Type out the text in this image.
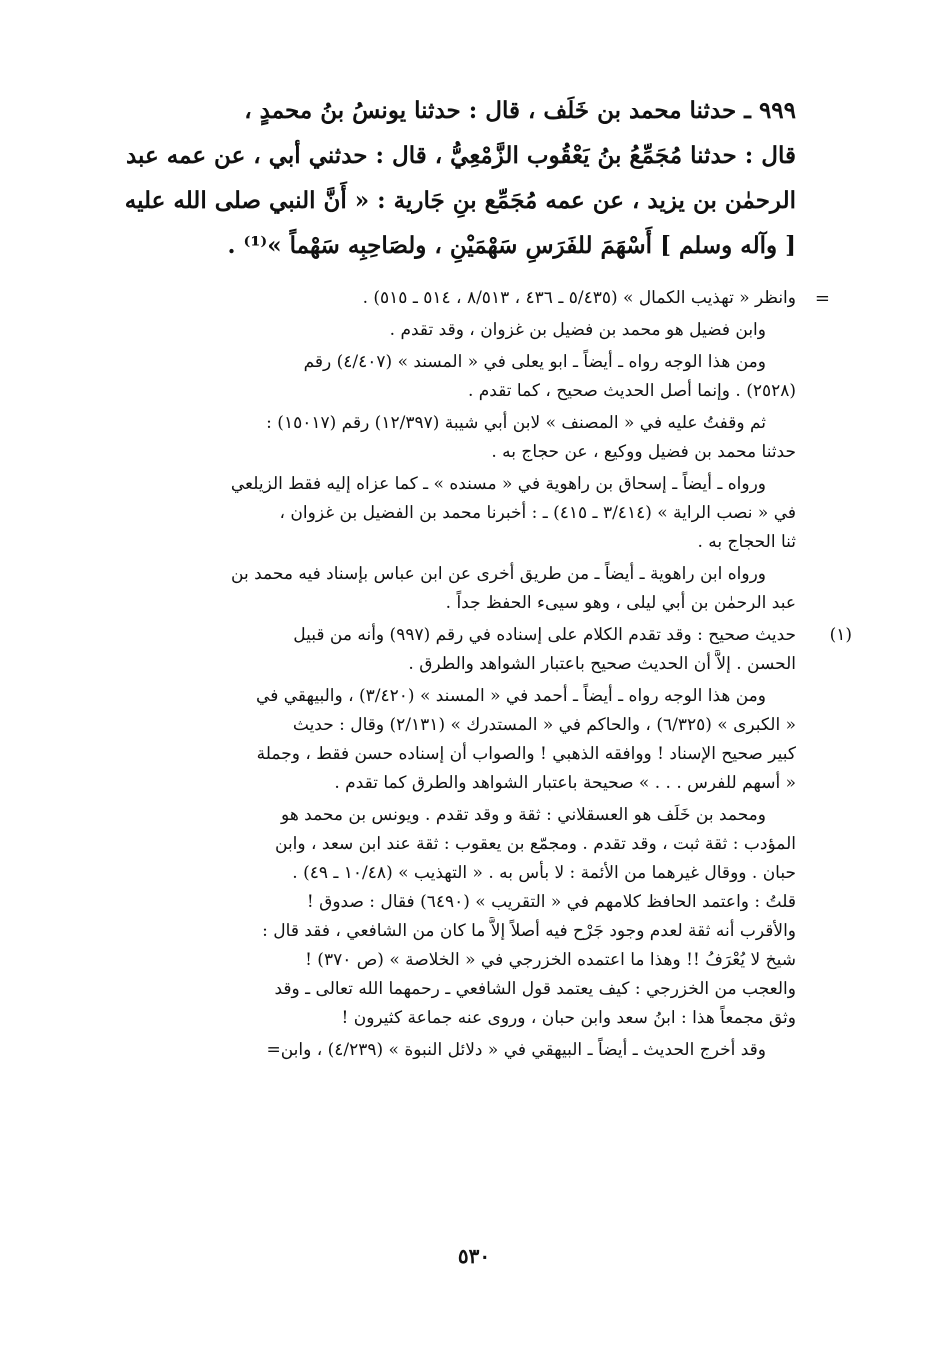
٩٩٩ ـ حدثنا محمد بن خَلَف ، قال : حدثنا يونسُ بنُ محمدٍ ،
قال : حدثنا مُجَمِّعُ بنُ يَعْقُوب الزَّمْعِيُّ ، قال : حدثني أبي ، عن عمه عبد
الرحمٰن بن يزيد ، عن عمه مُجَمِّع بنِ جَارية : « أَنَّ النبي صلى الله عليه
[ وآله وسلم ] أَسْهَمَ للفَرَسِ سَهْمَيْنِ ، ولصَاحِبِه سَهْماً »⁽¹⁾ .
=
وانظر « تهذيب الكمال » (٥/٤٣٥ ـ ٤٣٦ ، ٨/٥١٣ ، ٥١٤ ـ ٥١٥) .
وابن فضيل هو محمد بن فضيل بن غزوان ، وقد تقدم .
ومن هذا الوجه رواه ـ أيضاً ـ ابو يعلى في « المسند » (٤/٤٠٧) رقم
(٢٥٢٨) . وإنما أصل الحديث صحيح ، كما تقدم .
ثم وقفتُ عليه في « المصنف » لابن أبي شيبة (١٢/٣٩٧) رقم (١٥٠١٧) :
حدثنا محمد بن فضيل ووكيع ، عن حجاج به .
ورواه ـ أيضاً ـ إسحاق بن راهوية في « مسنده » ـ كما عزاه إليه فقط الزيلعي
في « نصب الراية » (٣/٤١٤ ـ ٤١٥) ـ : أخبرنا محمد بن الفضيل بن غزوان ،
ثنا الحجاج به .
ورواه ابن راهوية ـ أيضاً ـ من طريق أخرى عن ابن عباس بإسناد فيه محمد بن
عبد الرحمٰن بن أبي ليلى ، وهو سيىء الحفظ جداً .
(١)
حديث صحيح : وقد تقدم الكلام على إسناده في رقم (٩٩٧) وأنه من قبيل
الحسن . إلاَّ أن الحديث صحيح باعتبار الشواهد والطرق .
ومن هذا الوجه رواه ـ أيضاً ـ أحمد في « المسند » (٣/٤٢٠) ، والبيهقي في
« الكبرى » (٦/٣٢٥) ، والحاكم في « المستدرك » (٢/١٣١) وقال : حديث
كبير صحيح الإسناد ! ووافقه الذهبي ! والصواب أن إسناده حسن فقط ، وجملة
« أسهم للفرس . . . » صحيحة باعتبار الشواهد والطرق كما تقدم .
ومحمد بن خَلَف هو العسقلاني : ثقة و وقد تقدم . ويونس بن محمد هو
المؤدب : ثقة ثبت ، وقد تقدم . ومجمّع بن يعقوب : ثقة عند ابن سعد ، وابن
حبان . ووقال غيرهما من الأئمة : لا بأس به . « التهذيب » (١٠/٤٨ ـ ٤٩) .
قلتُ : واعتمد الحافظ كلامهم في « التقريب » (٦٤٩٠) فقال : صدوق !
والأقرب أنه ثقة لعدم وجود جَرْح فيه أصلاً إلاَّ ما كان من الشافعي ، فقد قال :
شيخ لا يُعْرَفُ !! وهذا ما اعتمده الخزرجي في « الخلاصة » (ص ٣٧٠) !
والعجب من الخزرجي : كيف يعتمد قول الشافعي ـ رحمهما الله تعالى ـ وقد
وثق مجمعاً هذا : ابنُ سعد وابن حبان ، وروى عنه جماعة كثيرون !
وقد أخرج الحديث ـ أيضاً ـ البيهقي في « دلائل النبوة » (٤/٢٣٩) ، وابن=
٥٣٠
